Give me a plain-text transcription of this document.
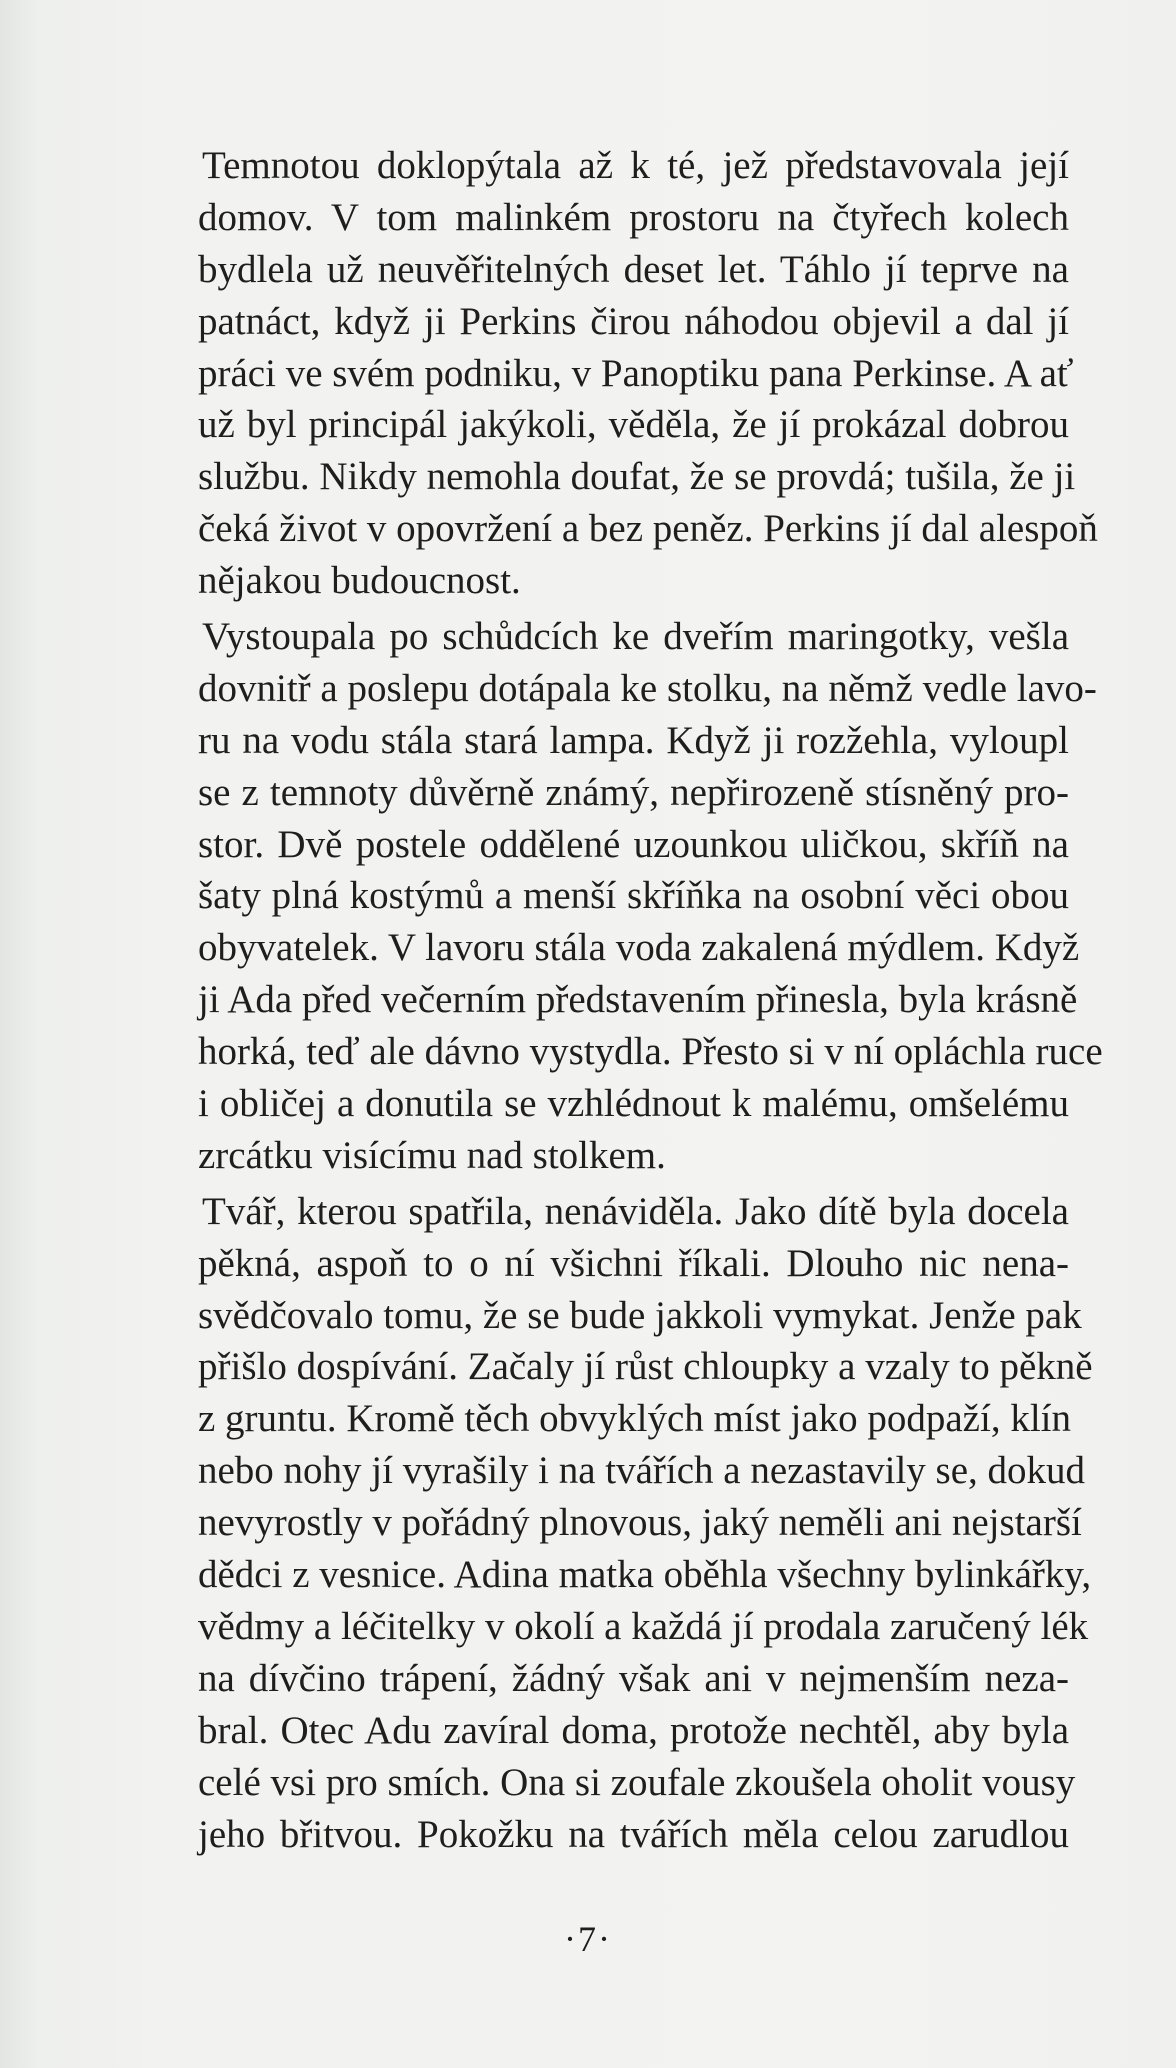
Temnotou doklopýtala až k té, jež představovala její
domov. V tom malinkém prostoru na čtyřech kolech
bydlela už neuvěřitelných deset let. Táhlo jí teprve na
patnáct, když ji Perkins čirou náhodou objevil a dal jí
práci ve svém podniku, v Panoptiku pana Perkinse. A ať
už byl principál jakýkoli, věděla, že jí prokázal dobrou
službu. Nikdy nemohla doufat, že se provdá; tušila, že ji
čeká život v opovržení a bez peněz. Perkins jí dal alespoň
nějakou budoucnost.

Vystoupala po schůdcích ke dveřím maringotky, vešla
dovnitř a poslepu dotápala ke stolku, na němž vedle lavo-
ru na vodu stála stará lampa. Když ji rozžehla, vyloupl
se z temnoty důvěrně známý, nepřirozeně stísněný pro-
stor. Dvě postele oddělené uzounkou uličkou, skříň na
šaty plná kostýmů a menší skříňka na osobní věci obou
obyvatelek. V lavoru stála voda zakalená mýdlem. Když
ji Ada před večerním představením přinesla, byla krásně
horká, teď ale dávno vystydla. Přesto si v ní opláchla ruce
i obličej a donutila se vzhlédnout k malému, omšelému
zrcátku visícímu nad stolkem.

Tvář, kterou spatřila, nenáviděla. Jako dítě byla docela
pěkná, aspoň to o ní všichni říkali. Dlouho nic nena-
svědčovalo tomu, že se bude jakkoli vymykat. Jenže pak
přišlo dospívání. Začaly jí růst chloupky a vzaly to pěkně
z gruntu. Kromě těch obvyklých míst jako podpaží, klín
nebo nohy jí vyrašily i na tvářích a nezastavily se, dokud
nevyrostly v pořádný plnovous, jaký neměli ani nejstarší
dědci z vesnice. Adina matka oběhla všechny bylinkářky,
vědmy a léčitelky v okolí a každá jí prodala zaručený lék
na dívčino trápení, žádný však ani v nejmenším neza-
bral. Otec Adu zavíral doma, protože nechtěl, aby byla
celé vsi pro smích. Ona si zoufale zkoušela oholit vousy
jeho břitvou. Pokožku na tvářích měla celou zarudlou

·7·
